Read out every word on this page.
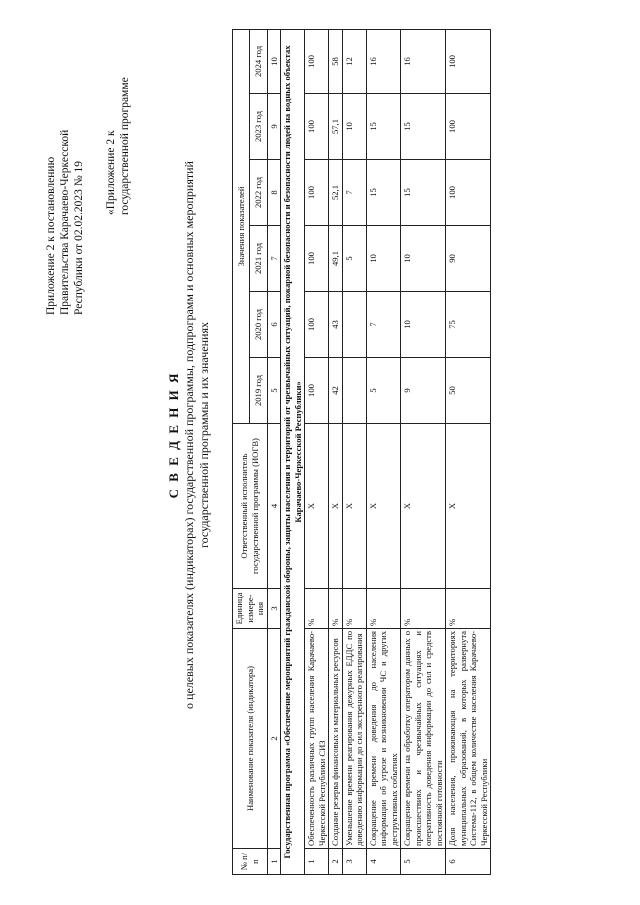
Приложение 2 к постановлению Правительства Карачаево-Черкесской Республики от 02.02.2023 № 19 «Приложение 2 к государственной программе
С В Е Д Е Н И Я о целевых показателях (индикаторах) государственной программы, подпрограмм и основных мероприятий государственной программы и их значениях
№ п/п	Наименование показателя (индикатора)	Единица измере-ния	Ответственный исполнитель государственной программы (ИОГВ)	Значения показателей					
				2019 год	2020 год	2021 год	2022 год	2023 год	2024 год
1	2	3	4	5	6	7	8	9	10
Государственная программа «Обеспечение мероприятий гражданской обороны, защиты населения и территорий от чрезвычайных ситуаций, пожарной безопасности и безопасности людей на водных объектах Карачаево-Черкесской Республики»									
1	Обеспеченность различных групп населения Карачаево-Черкесской Республики СИЗ	%	X	100	100	100	100	100	100
2	Создание резерва финансовых и материальных ресурсов	%	X	42	43	49,1	52,1	57,1	58
3	Уменьшение времени реагирования дежурных ЕДДС по доведению информации до сил экстренного реагирования	%	X			5	7	10	12
4	Сокращение времени доведения до населения информации об угрозе и возникновении ЧС и других деструктивных событиях	%	X	5	7	10	15	15	16
5	Сокращение времени на обработку оператором данных о происшествиях и чрезвычайных ситуациях и оперативность доведения информации до сил и средств постоянной готовности	%	X	9	10	10	15	15	16
6	Доля населения, проживающая на территориях муниципальных образований, в которых развернута Система-112, в общем количестве населения Карачаево-Черкесской Республики	%	X	50	75	90	100	100	100
